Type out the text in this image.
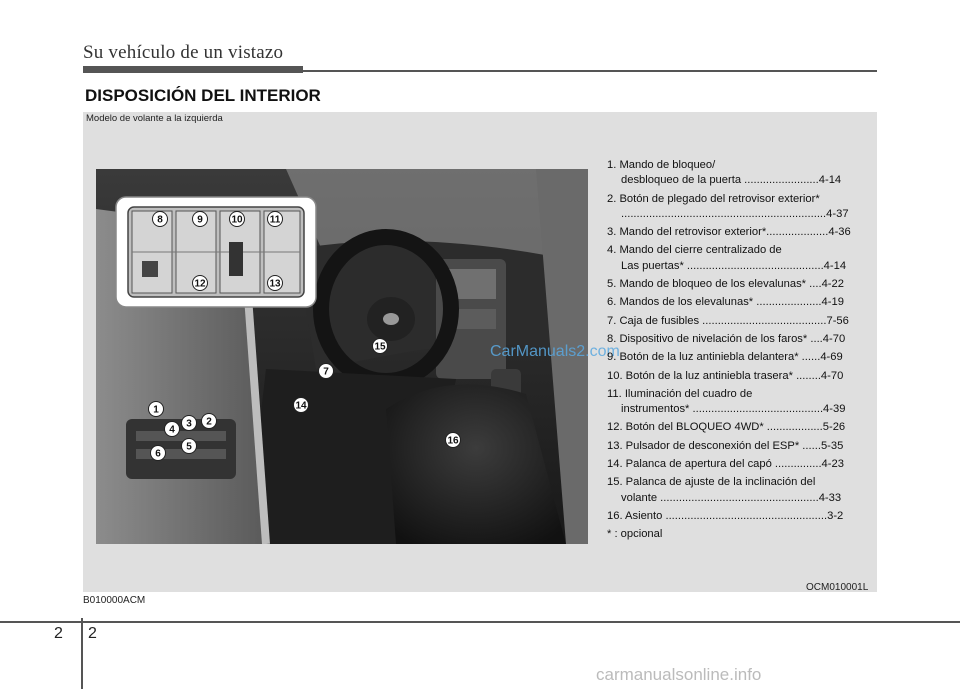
Su vehículo de un vistazo
DISPOSICIÓN DEL INTERIOR
Modelo de volante a la izquierda
1
2
3
4
5
6
7
8	9	10	11
12	13
14
15
16
CarManuals2.com
1. Mando de bloqueo/
desbloqueo de la puerta ........................4-14
2. Botón de plegado del retrovisor exterior*
..................................................................4-37
3. Mando del retrovisor exterior*....................4-36
4. Mando del cierre centralizado de
Las puertas* ............................................4-14
5. Mando de bloqueo de los elevalunas* ....4-22
6. Mandos de los elevalunas* .....................4-19
7. Caja de fusibles ........................................7-56
8. Dispositivo de nivelación de los faros* ....4-70
9. Botón de la luz antiniebla delantera* ......4-69
10. Botón de la luz antiniebla trasera* ........4-70
11. Iluminación del cuadro de
instrumentos* ..........................................4-39
12. Botón del BLOQUEO 4WD* ..................5-26
13. Pulsador de desconexión del ESP* ......5-35
14. Palanca de apertura del capó ...............4-23
15. Palanca de ajuste de la inclinación del
volante ...................................................4-33
16. Asiento ....................................................3-2
* : opcional
OCM010001L
B010000ACM
2 2
carmanualsonline.info
